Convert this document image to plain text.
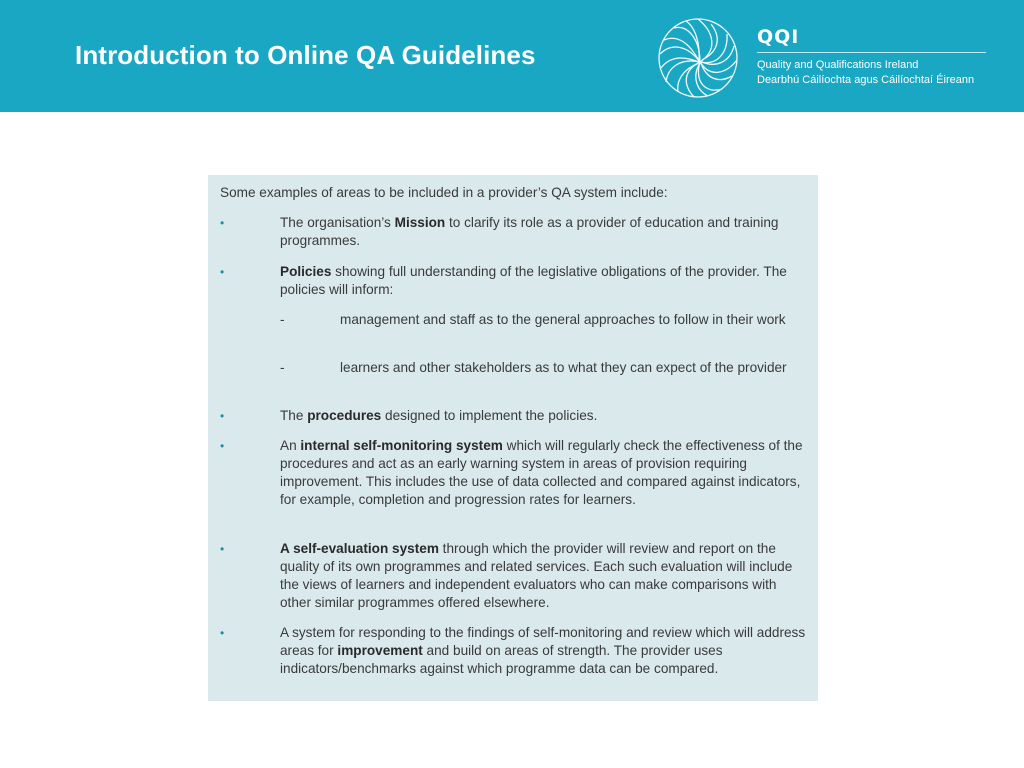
Introduction to Online QA Guidelines
QQI
Quality and Qualifications Ireland
Dearbhú Cáilíochta agus Cáilíochtaí Éireann
Some examples of areas to be included in a provider’s QA system include:
•	The organisation’s Mission to clarify its role as a provider of education and training programmes.
•	Policies showing full understanding of the legislative obligations of the provider. The policies will inform:
-	management and staff as to the general approaches to follow in their work
-	learners and other stakeholders as to what they can expect of the provider
•	The procedures designed to implement the policies.
•	An internal self-monitoring system which will regularly check the effectiveness of the procedures and act as an early warning system in areas of provision requiring improvement. This includes the use of data collected and compared against indicators, for example, completion and progression rates for learners.
•	A self-evaluation system through which the provider will review and report on the quality of its own programmes and related services. Each such evaluation will include the views of learners and independent evaluators who can make comparisons with other similar programmes offered elsewhere.
•	A system for responding to the findings of self-monitoring and review which will address areas for improvement and build on areas of strength. The provider uses indicators/benchmarks against which programme data can be compared.
